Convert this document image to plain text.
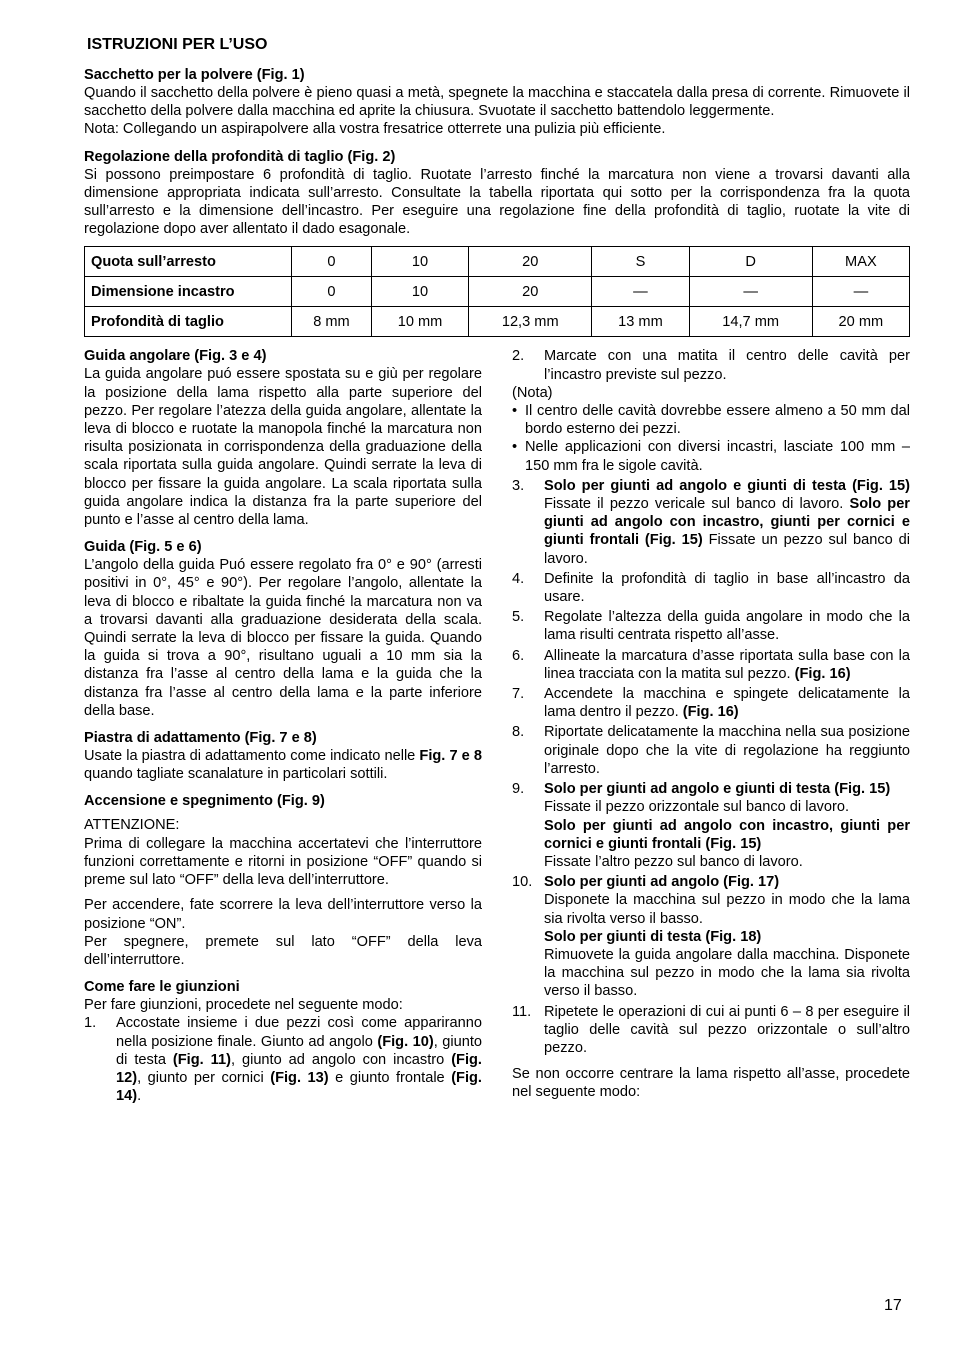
ISTRUZIONI PER L’USO
Sacchetto per la polvere (Fig. 1)

Quando il sacchetto della polvere è pieno quasi a metà, spegnete la macchina e staccatela dalla presa di corrente. Rimuovete il sacchetto della polvere dalla macchina ed aprite la chiusura. Svuotate il sacchetto battendolo leggermente.

Nota: Collegando un aspirapolvere alla vostra fresatrice otterrete una pulizia più efficiente.

Regolazione della profondità di taglio (Fig. 2)

Si possono preimpostare 6 profondità di taglio. Ruotate l’arresto finché la marcatura non viene a trovarsi davanti alla dimensione appropriata indicata sull’arresto. Consultate la tabella riportata qui sotto per la corrispondenza fra la quota sull’arresto e la dimensione dell’incastro. Per eseguire una regolazione fine della profondità di taglio, ruotate la vite di regolazione dopo aver allentato il dado esagonale.

Quota sull’arresto	0	10	20	S	D	MAX
Dimensione incastro	0	10	20	—	—	—
Profondità di taglio	8 mm	10 mm	12,3 mm	13 mm	14,7 mm	20 mm
Guida angolare (Fig. 3 e 4)

La guida angolare puó essere spostata su e giù per regolare la posizione della lama rispetto alla parte superiore del pezzo. Per regolare l’atezza della guida angolare, allentate la leva di blocco e ruotate la manopola finché la marcatura non risulta posizionata in corrispondenza della graduazione della scala riportata sulla guida angolare. Quindi serrate la leva di blocco per fissare la guida angolare. La scala riportata sulla guida angolare indica la distanza fra la parte superiore del punto e l’asse al centro della lama.

Guida (Fig. 5 e 6)

L’angolo della guida Puó essere regolato fra 0° e 90° (arresti positivi in 0°, 45° e 90°). Per regolare l’angolo, allentate la leva di blocco e ribaltate la guida finché la marcatura non va a trovarsi davanti alla graduazione desiderata della scala. Quindi serrate la leva di blocco per fissare la guida. Quando la guida si trova a 90°, risultano uguali a 10 mm sia la distanza fra l’asse al centro della lama e la guida che la distanza fra l’asse al centro della lama e la parte inferiore della base.

Piastra di adattamento (Fig. 7 e 8)

Usate la piastra di adattamento come indicato nelle Fig. 7 e 8 quando tagliate scanalature in particolari sottili.

Accensione e spegnimento (Fig. 9)

ATTENZIONE:

Prima di collegare la macchina accertatevi che l’interruttore funzioni correttamente e ritorni in posizione “OFF” quando si preme sul lato “OFF” della leva dell’interruttore.

Per accendere, fate scorrere la leva dell’interruttore verso la posizione “ON”.

Per spegnere, premete sul lato “OFF” della leva dell’interruttore.

Come fare le giunzioni

Per fare giunzioni, procedete nel seguente modo:

1.	Accostate insieme i due pezzi così come appariranno nella posizione finale. Giunto ad angolo (Fig. 10), giunto di testa (Fig. 11), giunto ad angolo con incastro (Fig. 12), giunto per cornici (Fig. 13) e giunto frontale (Fig. 14).
2.	Marcate con una matita il centro delle cavità per l’incastro previste sul pezzo.

(Nota)

• Il centro delle cavità dovrebbe essere almeno a 50 mm dal bordo esterno dei pezzi.
• Nelle applicazioni con diversi incastri, lasciate 100 mm – 150 mm fra le sigole cavità.
3.	Solo per giunti ad angolo e giunti di testa (Fig. 15) Fissate il pezzo vericale sul banco di lavoro. Solo per giunti ad angolo con incastro, giunti per cornici e giunti frontali (Fig. 15) Fissate un pezzo sul banco di lavoro.
4.	Definite la profondità di taglio in base all’incastro da usare.
5.	Regolate l’altezza della guida angolare in modo che la lama risulti centrata rispetto all’asse.
6.	Allineate la marcatura d’asse riportata sulla base con la linea tracciata con la matita sul pezzo. (Fig. 16)
7.	Accendete la macchina e spingete delicatamente la lama dentro il pezzo. (Fig. 16)
8.	Riportate delicatamente la macchina nella sua posizione originale dopo che la vite di regolazione ha reggiunto l’arresto.
9.	Solo per giunti ad angolo e giunti di testa (Fig. 15)
Fissate il pezzo orizzontale sul banco di lavoro.
Solo per giunti ad angolo con incastro, giunti per cornici e giunti frontali (Fig. 15)
Fissate l’altro pezzo sul banco di lavoro.
10. Solo per giunti ad angolo (Fig. 17)
Disponete la macchina sul pezzo in modo che la lama sia rivolta verso il basso.
Solo per giunti di testa (Fig. 18)
Rimuovete la guida angolare dalla macchina. Disponete la macchina sul pezzo in modo che la lama sia rivolta verso il basso.
11. Ripetete le operazioni di cui ai punti 6 – 8 per eseguire il taglio delle cavità sul pezzo orizzontale o sull’altro pezzo.

Se non occorre centrare la lama rispetto all’asse, procedete nel seguente modo:

17
